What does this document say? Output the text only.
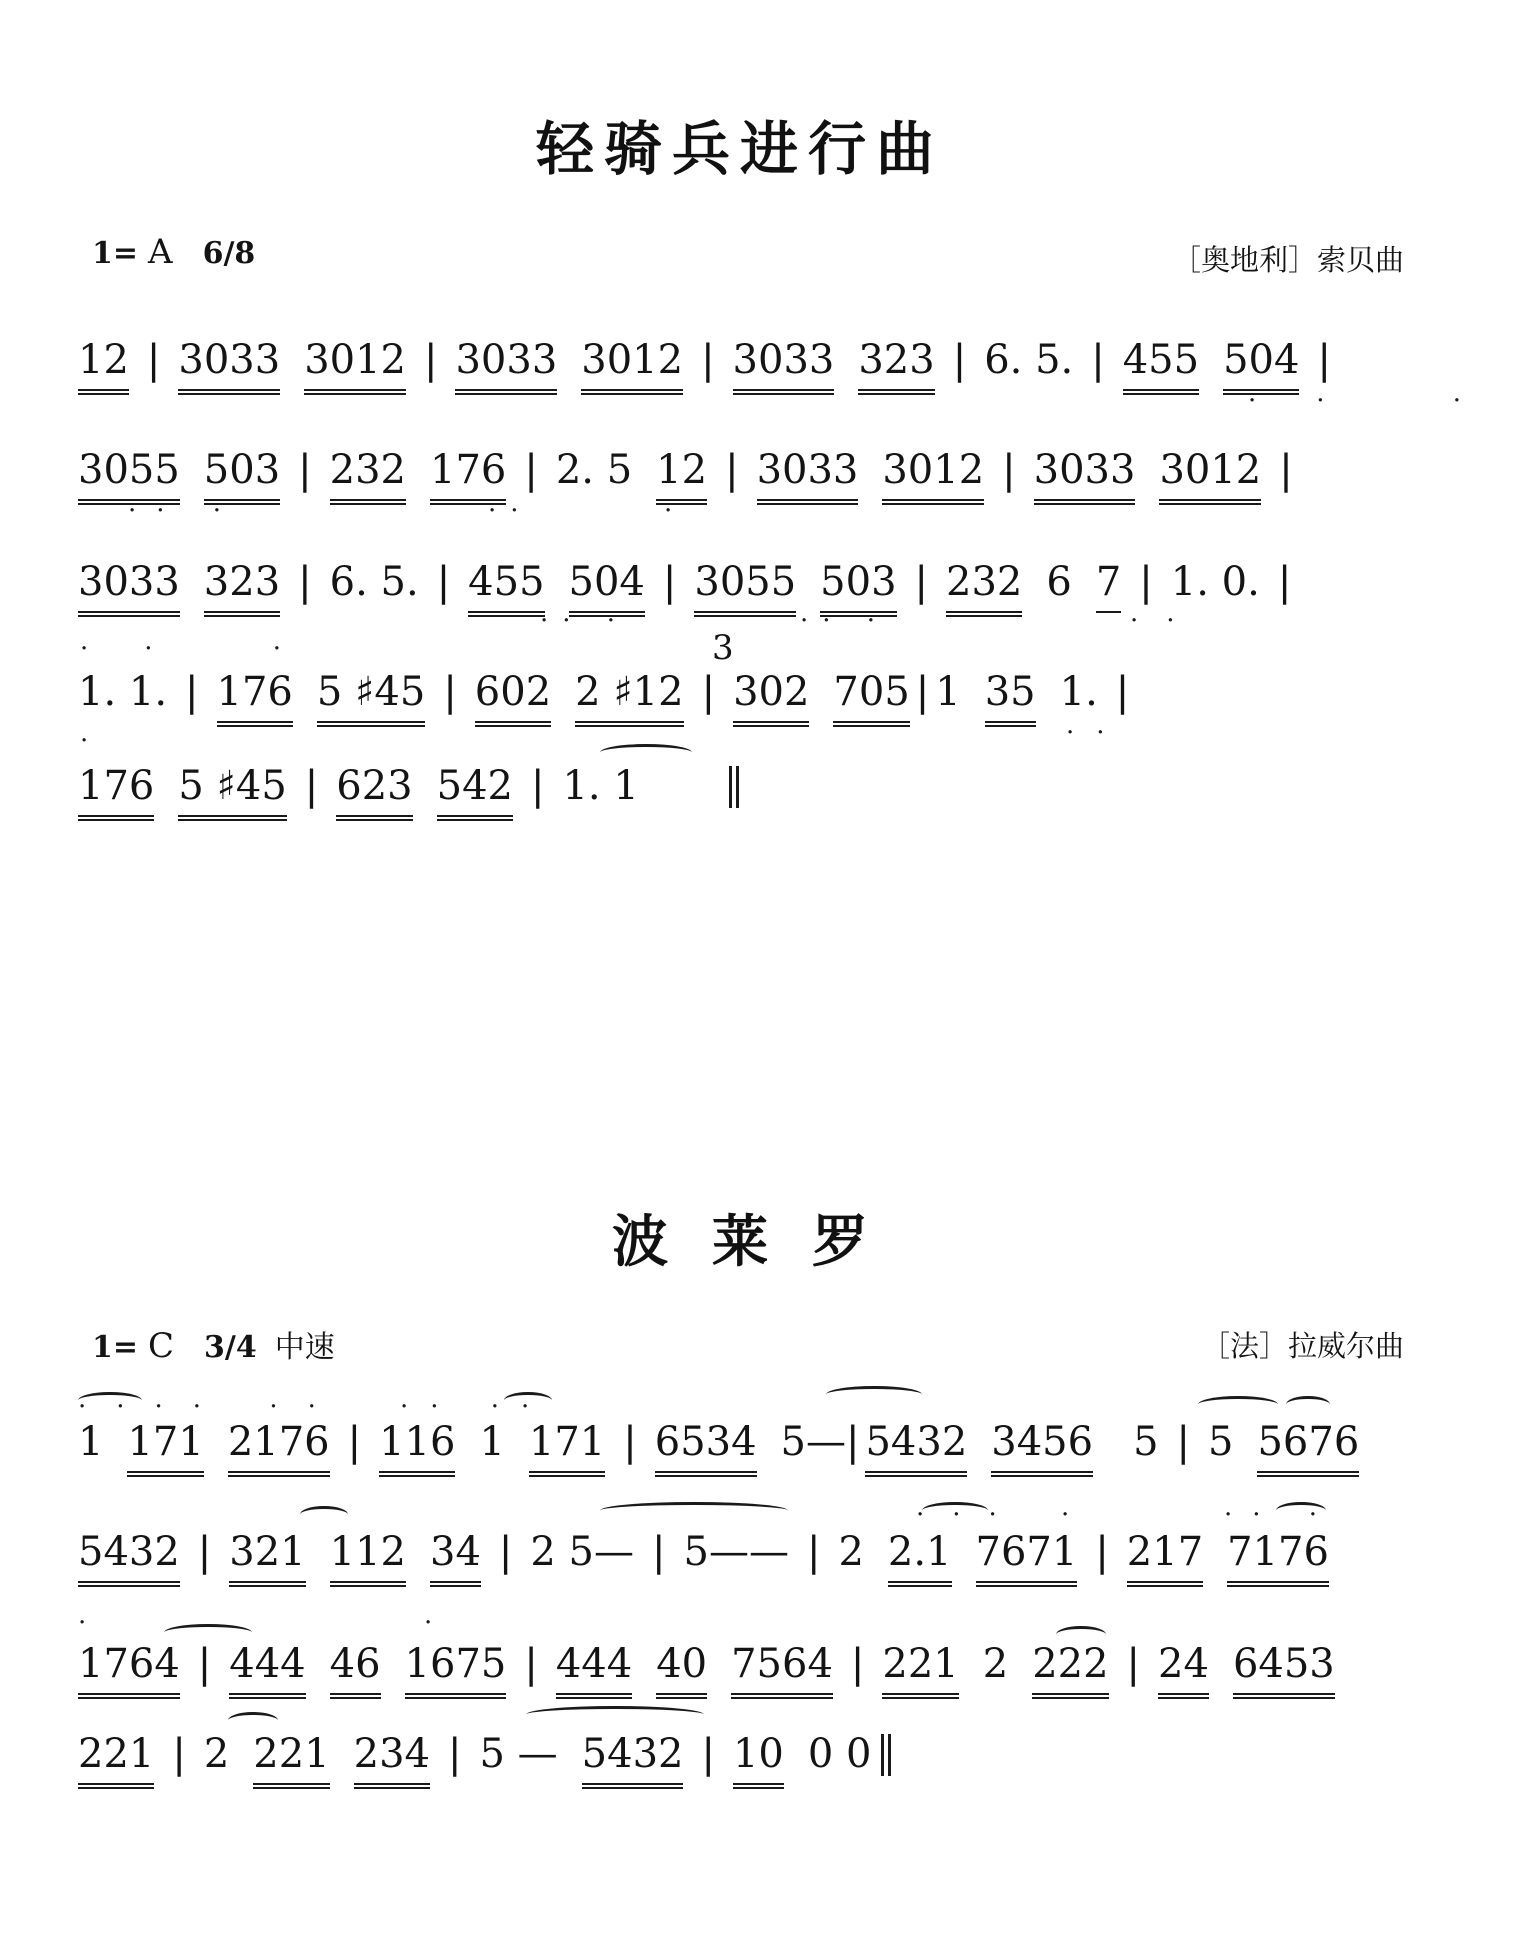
轻骑兵进行曲
1= A 6/8	［奥地利］索贝曲
12 | 3033 3012 | 3033 3012 | 3033 323 | 6. 5. | 455 504 |
·· ·
3055 503 | 232 176 | 2. 5 12 | 3033 3012 | 3033 3012 |
·· ·	··	·
3033 323 | 6. 5. | 455 504 | 3055 503 | 232 6 7 | 1. 0. |
·· ·	·· ·	··
·· ·	3
1. 1. | 176 5 ♯45 | 602 2 ♯12 | 302 705 | 1 35 1. |
··
·
176 5 ♯45 | 623 542 | 1. 1
波莱罗
1= C 3/4 中速	［法］拉威尔曲
···· ·· ·· ··
1 171 2176 | 116 1 171 | 6534 5— | 5432 3456 5 | 5 5676
··· ·	·· ·
5432 | 321 112 34 | 2 5— | 5—— | 2 2.1 7671 | 217 7176
·	·
1764 | 444 46 1675 | 444 40 7564 | 221 2 222 | 24 6453
221 | 2 221 234 | 5 — 5432 | 10 0 0
